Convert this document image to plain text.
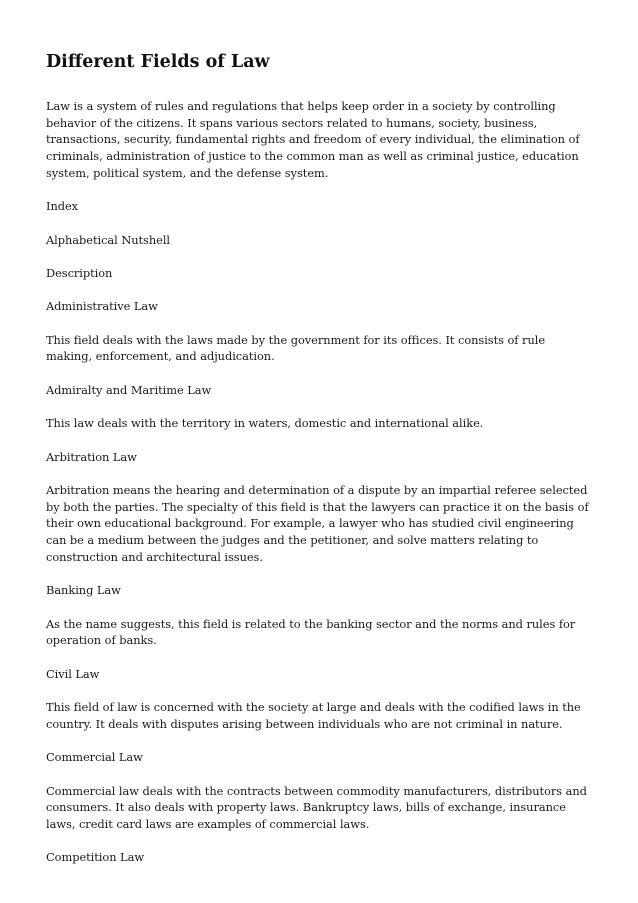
Different Fields of Law

Law is a system of rules and regulations that helps keep order in a society by controlling behavior of the citizens. It spans various sectors related to humans, society, business, transactions, security, fundamental rights and freedom of every individual, the elimination of criminals, administration of justice to the common man as well as criminal justice, education system, political system, and the defense system.

Index

Alphabetical Nutshell

Description

Administrative Law

This field deals with the laws made by the government for its offices. It consists of rule making, enforcement, and adjudication.

Admiralty and Maritime Law

This law deals with the territory in waters, domestic and international alike.

Arbitration Law

Arbitration means the hearing and determination of a dispute by an impartial referee selected by both the parties. The specialty of this field is that the lawyers can practice it on the basis of their own educational background. For example, a lawyer who has studied civil engineering can be a medium between the judges and the petitioner, and solve matters relating to construction and architectural issues.

Banking Law

As the name suggests, this field is related to the banking sector and the norms and rules for operation of banks.

Civil Law

This field of law is concerned with the society at large and deals with the codified laws in the country. It deals with disputes arising between individuals who are not criminal in nature.

Commercial Law

Commercial law deals with the contracts between commodity manufacturers, distributors and consumers. It also deals with property laws. Bankruptcy laws, bills of exchange, insurance laws, credit card laws are examples of commercial laws.

Competition Law
